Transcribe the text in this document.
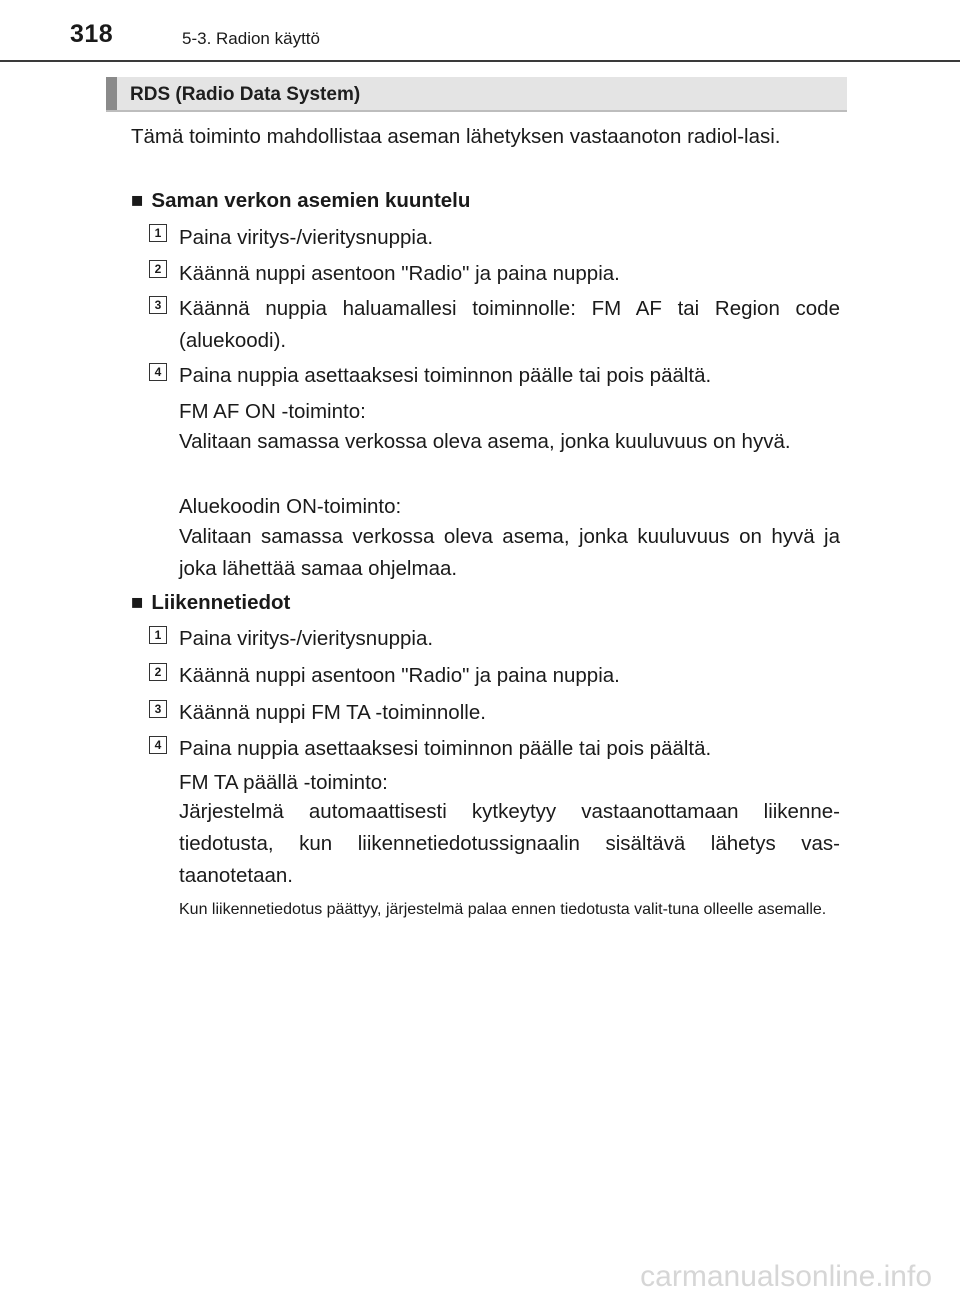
318	5-3. Radion käyttö
RDS (Radio Data System)
Tämä toiminto mahdollistaa aseman lähetyksen vastaanoton radiol-lasi.
■ Saman verkon asemien kuuntelu
1 Paina viritys-/vieritysnuppia.
2 Käännä nuppi asentoon "Radio" ja paina nuppia.
3 Käännä nuppia haluamallesi toiminnolle: FM AF tai Region code (aluekoodi).
4 Paina nuppia asettaaksesi toiminnon päälle tai pois päältä.
FM AF ON -toiminto:
Valitaan samassa verkossa oleva asema, jonka kuuluvuus on hyvä.
Aluekoodin ON-toiminto:
Valitaan samassa verkossa oleva asema, jonka kuuluvuus on hyvä ja joka lähettää samaa ohjelmaa.
■ Liikennetiedot
1 Paina viritys-/vieritysnuppia.
2 Käännä nuppi asentoon "Radio" ja paina nuppia.
3 Käännä nuppi FM TA -toiminnolle.
4 Paina nuppia asettaaksesi toiminnon päälle tai pois päältä.
FM TA päällä -toiminto:
Järjestelmä automaattisesti kytkeytyy vastaanottamaan liikenne-tiedotusta, kun liikennetiedotussignaalin sisältävä lähetys vas-taanotetaan.
Kun liikennetiedotus päättyy, järjestelmä palaa ennen tiedotusta valit-tuna olleelle asemalle.
carmanualsonline.info
